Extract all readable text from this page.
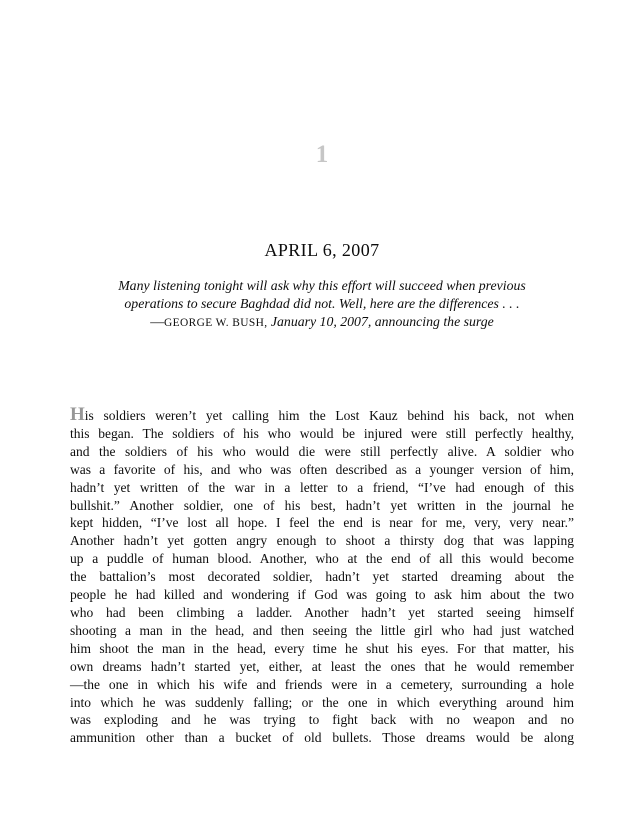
1
APRIL 6, 2007
Many listening tonight will ask why this effort will succeed when previous
operations to secure Baghdad did not. Well, here are the differences . . .
—GEORGE W. BUSH, January 10, 2007, announcing the surge
His soldiers weren’t yet calling him the Lost Kauz behind his back, not when
this began. The soldiers of his who would be injured were still perfectly healthy,
and the soldiers of his who would die were still perfectly alive. A soldier who
was a favorite of his, and who was often described as a younger version of him,
hadn’t yet written of the war in a letter to a friend, “I’ve had enough of this
bullshit.” Another soldier, one of his best, hadn’t yet written in the journal he
kept hidden, “I’ve lost all hope. I feel the end is near for me, very, very near.”
Another hadn’t yet gotten angry enough to shoot a thirsty dog that was lapping
up a puddle of human blood. Another, who at the end of all this would become
the battalion’s most decorated soldier, hadn’t yet started dreaming about the
people he had killed and wondering if God was going to ask him about the two
who had been climbing a ladder. Another hadn’t yet started seeing himself
shooting a man in the head, and then seeing the little girl who had just watched
him shoot the man in the head, every time he shut his eyes. For that matter, his
own dreams hadn’t started yet, either, at least the ones that he would remember
—the one in which his wife and friends were in a cemetery, surrounding a hole
into which he was suddenly falling; or the one in which everything around him
was exploding and he was trying to fight back with no weapon and no
ammunition other than a bucket of old bullets. Those dreams would be along
